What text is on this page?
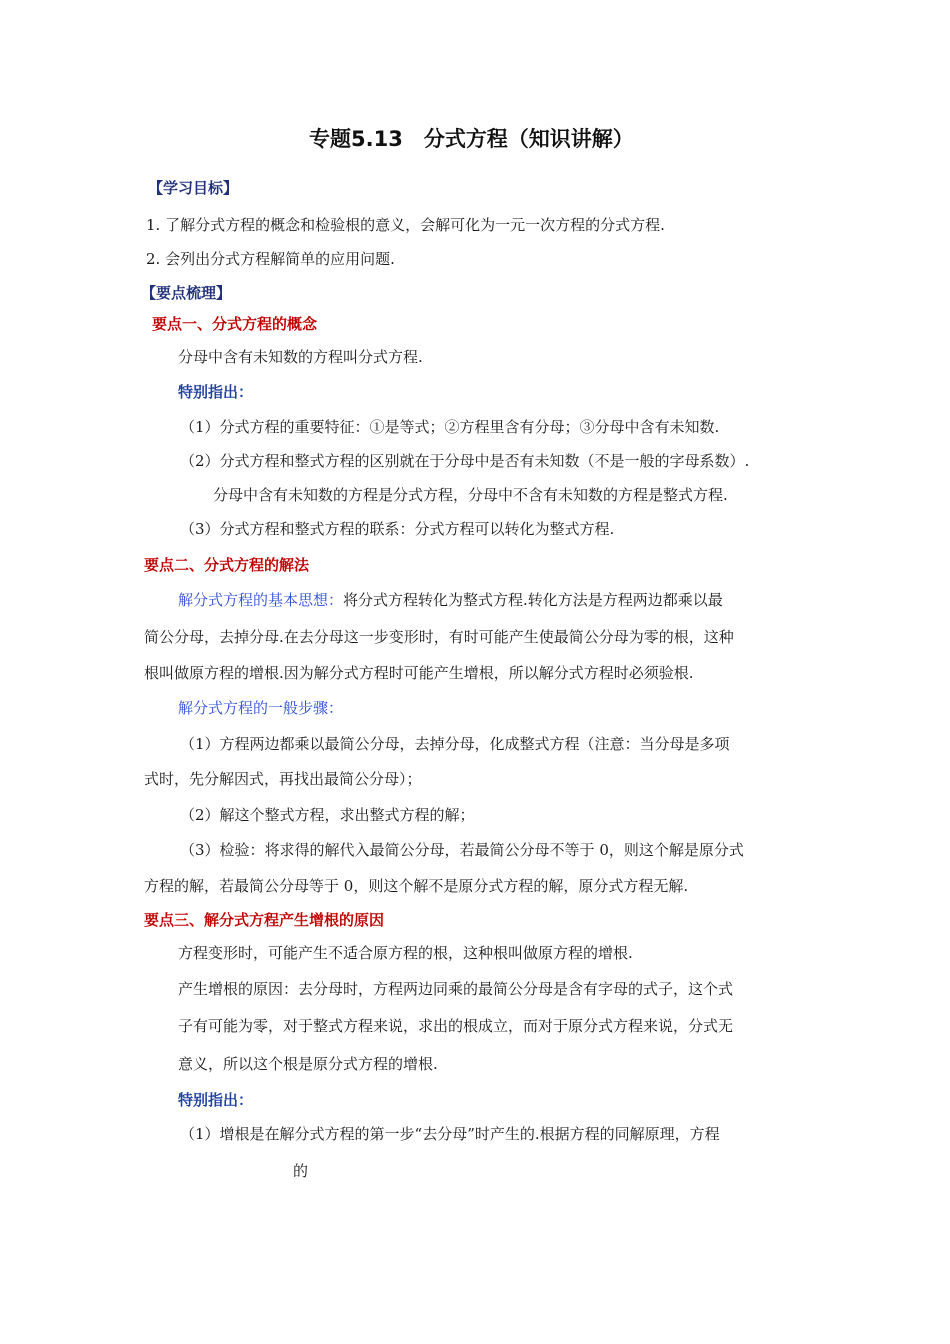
专题5.13　分式方程（知识讲解）
【学习目标】
1. 了解分式方程的概念和检验根的意义，会解可化为一元一次方程的分式方程.
2. 会列出分式方程解简单的应用问题.
【要点梳理】
要点一、分式方程的概念
分母中含有未知数的方程叫分式方程.
特别指出：
（1）分式方程的重要特征：①是等式；②方程里含有分母；③分母中含有未知数.
（2）分式方程和整式方程的区别就在于分母中是否有未知数（不是一般的字母系数）.
分母中含有未知数的方程是分式方程，分母中不含有未知数的方程是整式方程.
（3）分式方程和整式方程的联系：分式方程可以转化为整式方程.
要点二、分式方程的解法
解分式方程的基本思想：将分式方程转化为整式方程.转化方法是方程两边都乘以最
简公分母，去掉分母.在去分母这一步变形时，有时可能产生使最简公分母为零的根，这种
根叫做原方程的增根.因为解分式方程时可能产生增根，所以解分式方程时必须验根.
解分式方程的一般步骤：
（1）方程两边都乘以最简公分母，去掉分母，化成整式方程（注意：当分母是多项
式时，先分解因式，再找出最简公分母）；
（2）解这个整式方程，求出整式方程的解；
（3）检验：将求得的解代入最简公分母，若最简公分母不等于 0，则这个解是原分式
方程的解，若最简公分母等于 0，则这个解不是原分式方程的解，原分式方程无解.
要点三、解分式方程产生增根的原因
方程变形时，可能产生不适合原方程的根，这种根叫做原方程的增根.
产生增根的原因：去分母时，方程两边同乘的最简公分母是含有字母的式子，这个式
子有可能为零，对于整式方程来说，求出的根成立，而对于原分式方程来说，分式无
意义，所以这个根是原分式方程的增根.
特别指出：
（1）增根是在解分式方程的第一步“去分母”时产生的.根据方程的同解原理，方程
的
